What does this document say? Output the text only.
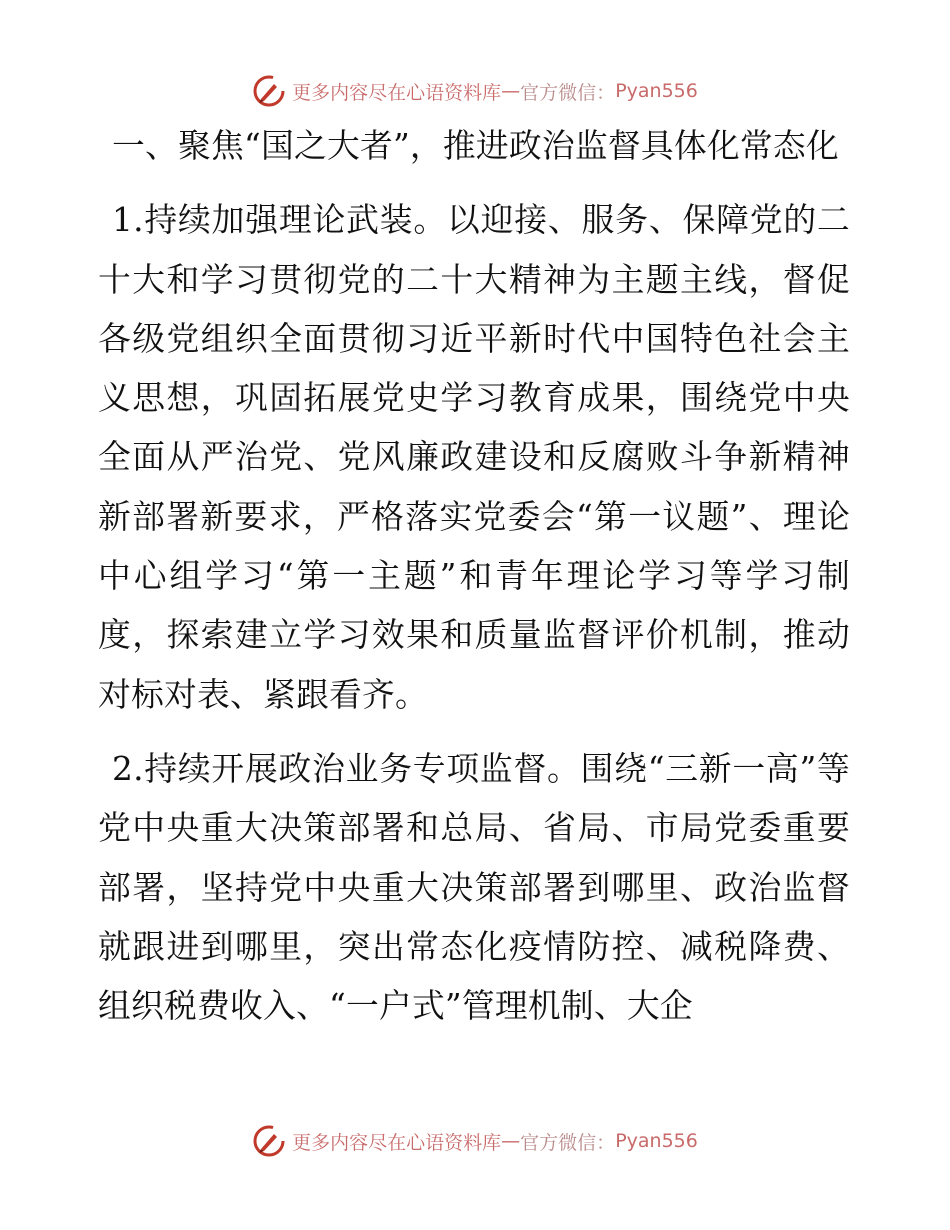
更多内容尽在心语资料库 — 官方微信： Pyan556

一、聚焦“国之大者”，推进政治监督具体化常态化

1.持续加强理论武装。以迎接、服务、保障党的二十大和学习贯彻党的二十大精神为主题主线，督促各级党组织全面贯彻习近平新时代中国特色社会主义思想，巩固拓展党史学习教育成果，围绕党中央全面从严治党、党风廉政建设和反腐败斗争新精神新部署新要求，严格落实党委会“第一议题”、理论中心组学习“第一主题”和青年理论学习等学习制度，探索建立学习效果和质量监督评价机制，推动对标对表、紧跟看齐。

2.持续开展政治业务专项监督。围绕“三新一高”等党中央重大决策部署和总局、省局、市局党委重要部署，坚持党中央重大决策部署到哪里、政治监督就跟进到哪里，突出常态化疫情防控、减税降费、组织税费收入、“一户式”管理机制、大企

更多内容尽在心语资料库 — 官方微信： Pyan556
